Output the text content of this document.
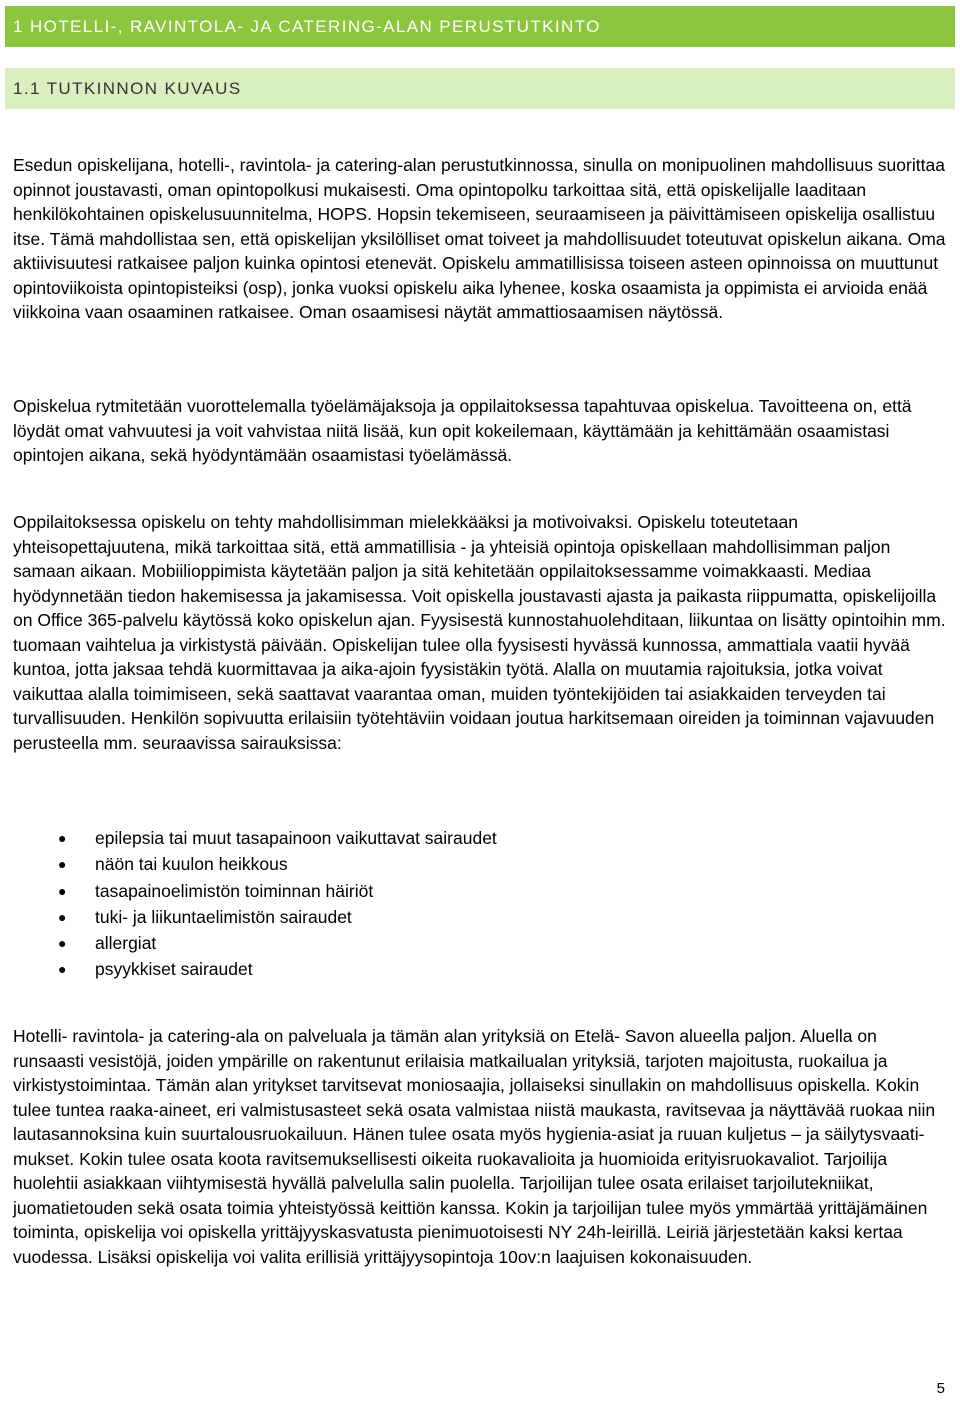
1 HOTELLI-, RAVINTOLA- JA CATERING-ALAN PERUSTUTKINTO
1.1 TUTKINNON KUVAUS

Esedun opiskelijana, hotelli-, ravintola- ja catering-alan perustutkinnossa, sinulla on monipuolinen mahdollisuus suorittaa opinnot joustavasti, oman opintopolkusi mukaisesti. Oma opintopolku tarkoittaa sitä, että opiskelijalle laaditaan henkilökohtainen opiskelusuunnitelma, HOPS. Hopsin tekemiseen, seuraamiseen ja päivittämiseen opiskelija osallistuu itse. Tämä mahdollistaa sen, että opiskelijan yksilölliset omat toiveet ja mahdollisuudet toteutuvat opiskelun aikana. Oma aktiivisuutesi ratkaisee paljon kuinka opintosi etenevät. Opiskelu ammatillisissa toiseen asteen opinnoissa on muuttunut opintoviikoista opintopisteiksi (osp), jonka vuoksi opiskelu aika lyhenee, koska osaamista ja oppimista ei arvioida enää viikkoina vaan osaaminen ratkaisee. Oman osaamisesi näytät ammattiosaamisen näytössä.

Opiskelua rytmitetään vuorottelemalla työelämäjaksoja ja oppilaitoksessa tapahtuvaa opiskelua. Tavoitteena on, että löydät omat vahvuutesi ja voit vahvistaa niitä lisää, kun opit kokeilemaan, käyttämään ja kehittämään osaamistasi opintojen aikana, sekä hyödyntämään osaamistasi työelämässä.

Oppilaitoksessa opiskelu on tehty mahdollisimman mielekkääksi ja motivoivaksi. Opiskelu toteutetaan yhteisopettajuutena, mikä tarkoittaa sitä, että ammatillisia - ja yhteisiä opintoja opiskellaan mahdollisimman paljon samaan aikaan. Mobiilioppimista käytetään paljon ja sitä kehitetään oppilaitoksessamme voimakkaasti. Mediaa hyödynnetään tiedon hakemisessa ja jakamisessa. Voit opiskella joustavasti ajasta ja paikasta riippumatta, opiskelijoilla on Office 365-palvelu käytössä koko opiskelun ajan. Fyysisestä kunnostahuolehditaan, liikuntaa on lisätty opintoihin mm. tuomaan vaihtelua ja virkistystä päivään. Opiskelijan tulee olla fyysisesti hyvässä kunnossa, ammattiala vaatii hyvää kuntoa, jotta jaksaa tehdä kuormittavaa ja aika-ajoin fyysistäkin työtä. Alalla on muutamia rajoituksia, jotka voivat vaikuttaa alalla toimimiseen, sekä saattavat vaarantaa oman, muiden työntekijöiden tai asiakkaiden terveyden tai turvallisuuden. Henkilön sopivuutta erilaisiin työtehtäviin voidaan joutua harkitsemaan oireiden ja toiminnan vajavuuden perusteella mm. seuraavissa sairauksissa:

● epilepsia tai muut tasapainoon vaikuttavat sairaudet
● näön tai kuulon heikkous
● tasapainoelimistön toiminnan häiriöt
● tuki- ja liikuntaelimistön sairaudet
● allergiat
● psyykkiset sairaudet

Hotelli- ravintola- ja catering-ala on palveluala ja tämän alan yrityksiä on Etelä- Savon alueella paljon. Aluella on runsaasti vesistöjä, joiden ympärille on rakentunut erilaisia matkailualan yrityksiä, tarjoten majoitusta, ruokailua ja virkistystoimintaa. Tämän alan yritykset tarvitsevat moniosaajia, jollaiseksi sinullakin on mahdollisuus opiskella. Kokin tulee tuntea raaka-aineet, eri valmistusasteet sekä osata valmistaa niistä maukasta, ravitsevaa ja näyttävää ruokaa niin lautasannoksina kuin suurtalousruokailuun. Hänen tulee osata myös hygienia-asiat ja ruuan kuljetus – ja säilytysvaatimukset. Kokin tulee osata koota ravitsemuksellisesti oikeita ruokavalioita ja huomioida erityisruokavaliot. Tarjoilija huolehtii asiakkaan viihtymisestä hyvällä palvelulla salin puolella. Tarjoilijan tulee osata erilaiset tarjoilutekniikat, juomatietouden sekä osata toimia yhteistyössä keittiön kanssa. Kokin ja tarjoilijan tulee myös ymmärtää yrittäjämäinen toiminta, opiskelija voi opiskella yrittäjyyskasvatusta pienimuotoisesti NY 24h-leirillä. Leiriä järjestetään kaksi kertaa vuodessa. Lisäksi opiskelija voi valita erillisiä yrittäjyysopintoja 10ov:n laajuisen kokonaisuuden.

5
